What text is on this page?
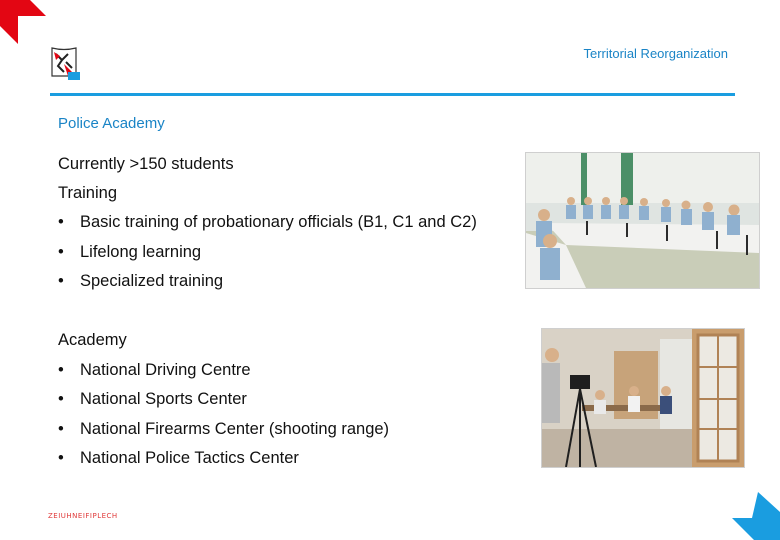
Territorial Reorganization
Police Academy
Currently >150 students
Training
• Basic training of probationary officials (B1, C1 and C2)
• Lifelong learning
• Specialized training
Academy
• National Driving Centre
• National Sports Center
• National Firearms Center (shooting range)
• National Police Tactics Center
ZEIUHNEIFIPLECH
